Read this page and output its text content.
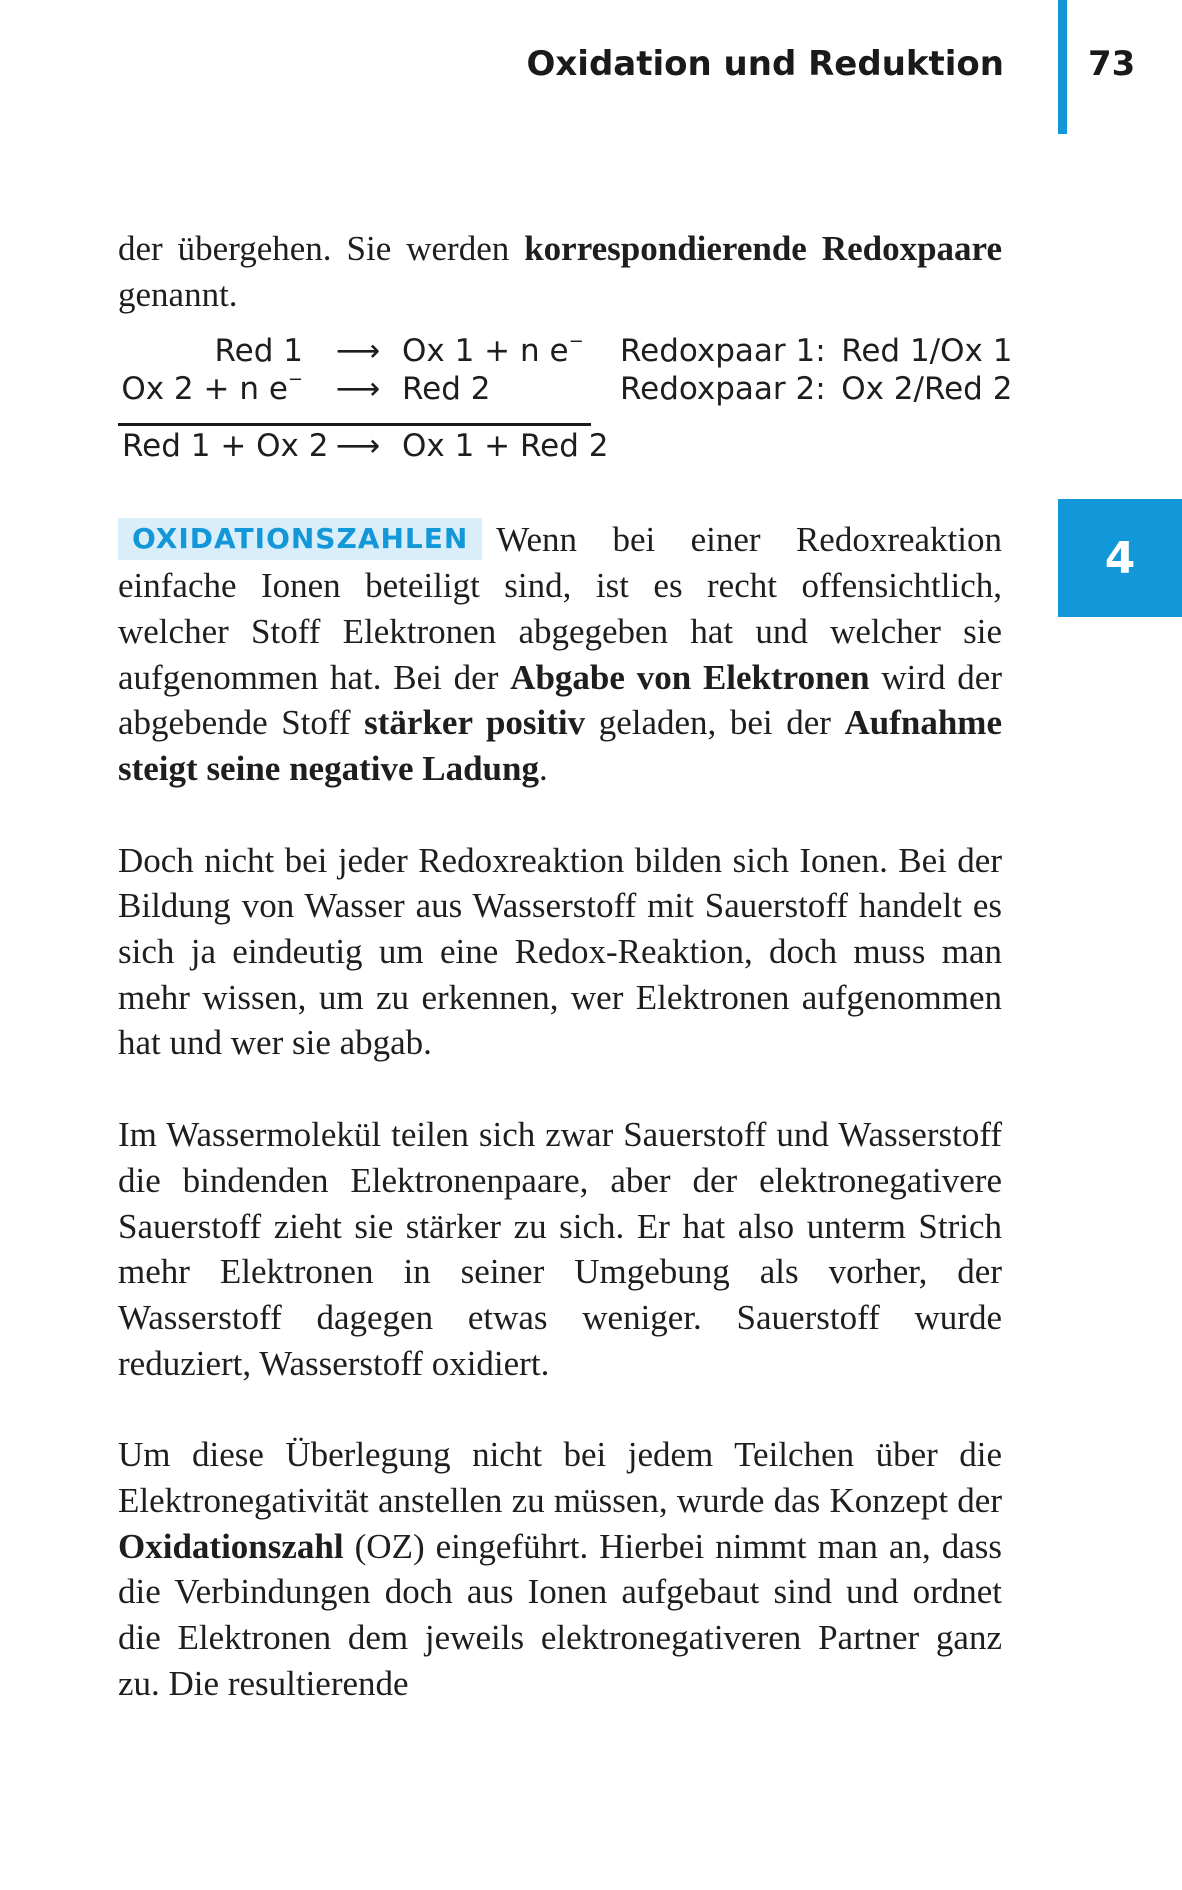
Oxidation und Reduktion 73
4

der übergehen. Sie werden korrespondierende Redoxpaare genannt.

Red 1 ⟶ Ox 1 + n e− Redoxpaar 1: Red 1/Ox 1
Ox 2 + n e− ⟶ Red 2	Redoxpaar 2: Ox 2/Red 2
Red 1 + Ox 2 ⟶ Ox 1 + Red 2

OXIDATIONSZAHLEN Wenn bei einer Redoxreaktion einfache Ionen beteiligt sind, ist es recht offensichtlich, welcher Stoff Elektronen abgegeben hat und welcher sie aufgenommen hat. Bei der Abgabe von Elektronen wird der abgebende Stoff stärker positiv geladen, bei der Aufnahme steigt seine negative Ladung.

Doch nicht bei jeder Redoxreaktion bilden sich Ionen. Bei der Bildung von Wasser aus Wasserstoff mit Sauerstoff handelt es sich ja eindeutig um eine Redox-Reaktion, doch muss man mehr wissen, um zu erkennen, wer Elektronen aufgenommen hat und wer sie abgab.

Im Wassermolekül teilen sich zwar Sauerstoff und Wasserstoff die bindenden Elektronenpaare, aber der elektronegativere Sauerstoff zieht sie stärker zu sich. Er hat also unterm Strich mehr Elektronen in seiner Umgebung als vorher, der Wasserstoff dagegen etwas weniger. Sauerstoff wurde reduziert, Wasserstoff oxidiert.

Um diese Überlegung nicht bei jedem Teilchen über die Elektronegativität anstellen zu müssen, wurde das Konzept der Oxidationszahl (OZ) eingeführt. Hierbei nimmt man an, dass die Verbindungen doch aus Ionen aufgebaut sind und ordnet die Elektronen dem jeweils elektronegativeren Partner ganz zu. Die resultierende
